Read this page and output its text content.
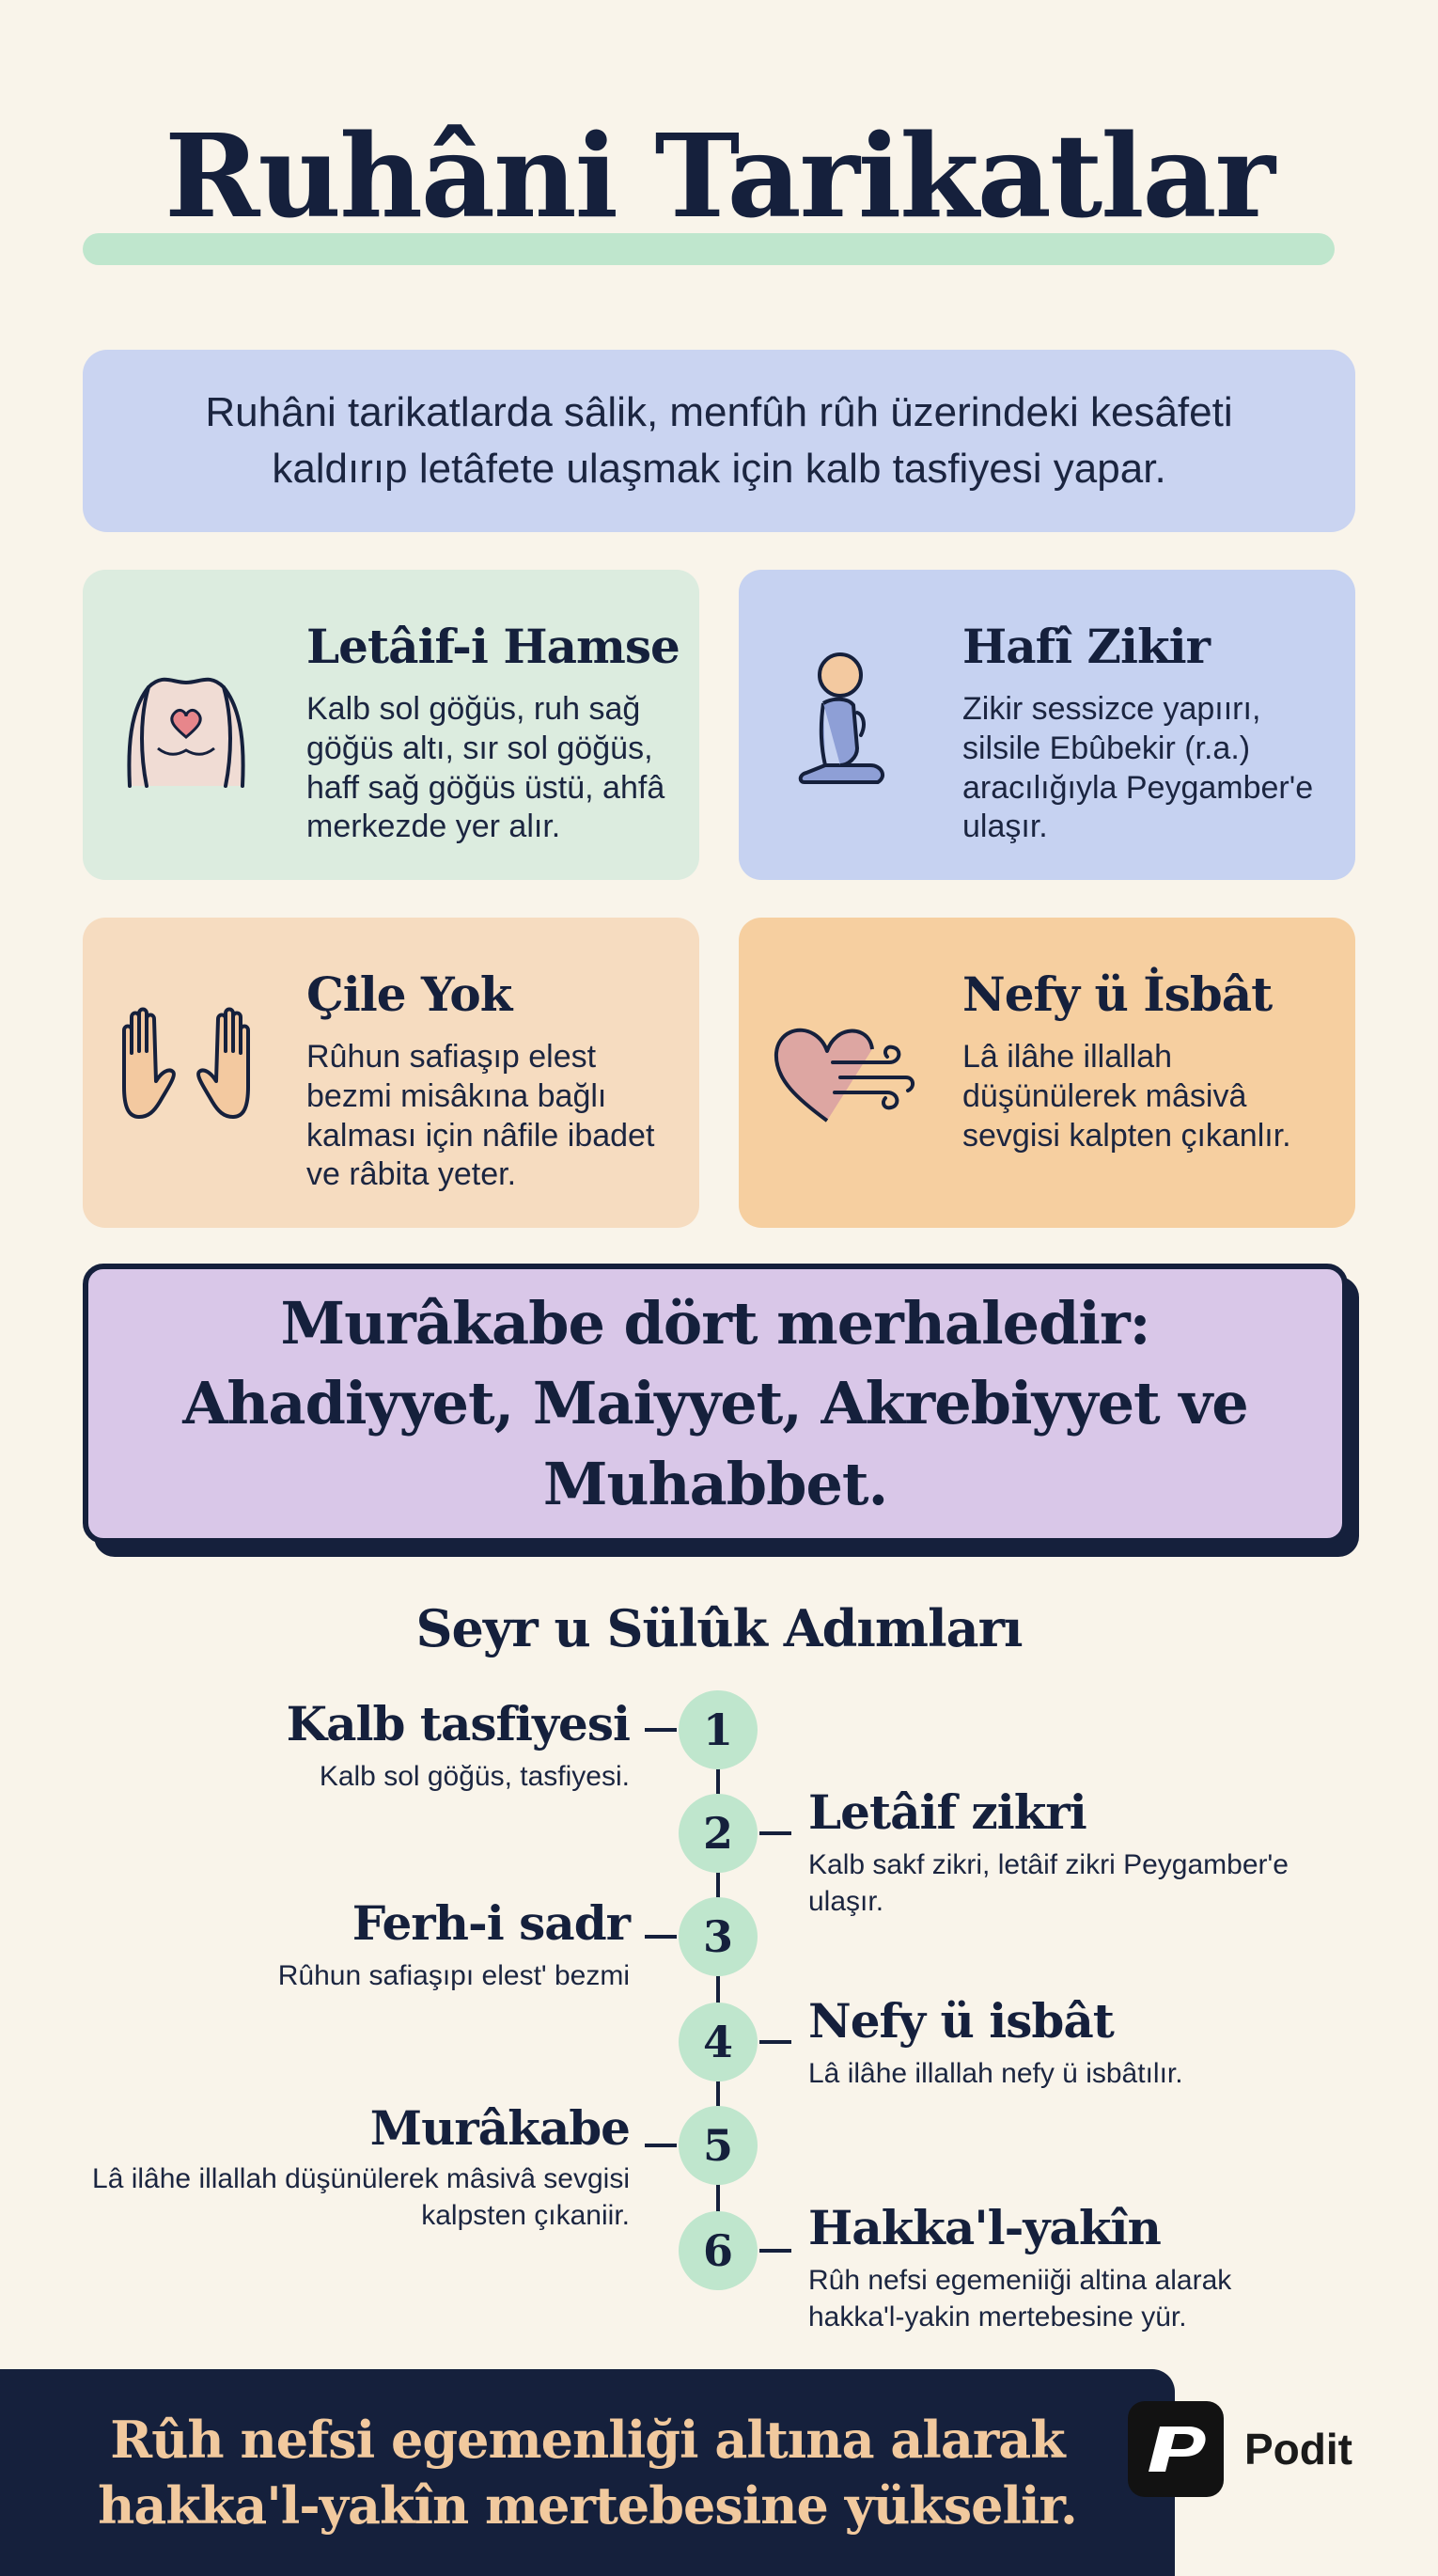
Ruhâni Tarikatlar
Ruhâni tarikatlarda sâlik, menfûh rûh üzerindeki kesâfeti kaldırıp letâfete ulaşmak için kalb tasfiyesi yapar.
Letâif-i Hamse
Kalb sol göğüs, ruh sağ göğüs altı, sır sol göğüs, haff sağ göğüs üstü, ahfâ merkezde yer alır.
Hafî Zikir
Zikir sessizce yapıırı, silsile Ebûbekir (r.a.) aracılığıyla Peygamber'e ulaşır.
Çile Yok
Rûhun safiaşıp elest bezmi misâkına bağlı kalması için nâfile ibadet ve râbita yeter.
Nefy ü İsbât
Lâ ilâhe illallah düşünülerek mâsivâ sevgisi kalpten çıkanlır.
Murâkabe dört merhaledir: Ahadiyyet, Maiyyet, Akrebiyyet ve Muhabbet.
Seyr u Sülûk Adımları
1
Kalb tasfiyesi
Kalb sol göğüs, tasfiyesi.
2	Letâif zikri
Kalb sakf zikri, letâif zikri Peygamber'e ulaşır.
3
Ferh-i sadr
Rûhun safiaşıpı elest' bezmi
4	Nefy ü isbât
Lâ ilâhe illallah nefy ü isbâtılır.
5
Murâkabe
Lâ ilâhe illallah düşünülerek mâsivâ sevgisi kalpsten çıkaniir.
6	Hakka'l-yakîn
Rûh nefsi egemeniiği altina alarak hakka'l-yakin mertebesine yür.
Rûh nefsi egemenliği altına alarak hakka'l-yakîn mertebesine yükselir.
Podit
